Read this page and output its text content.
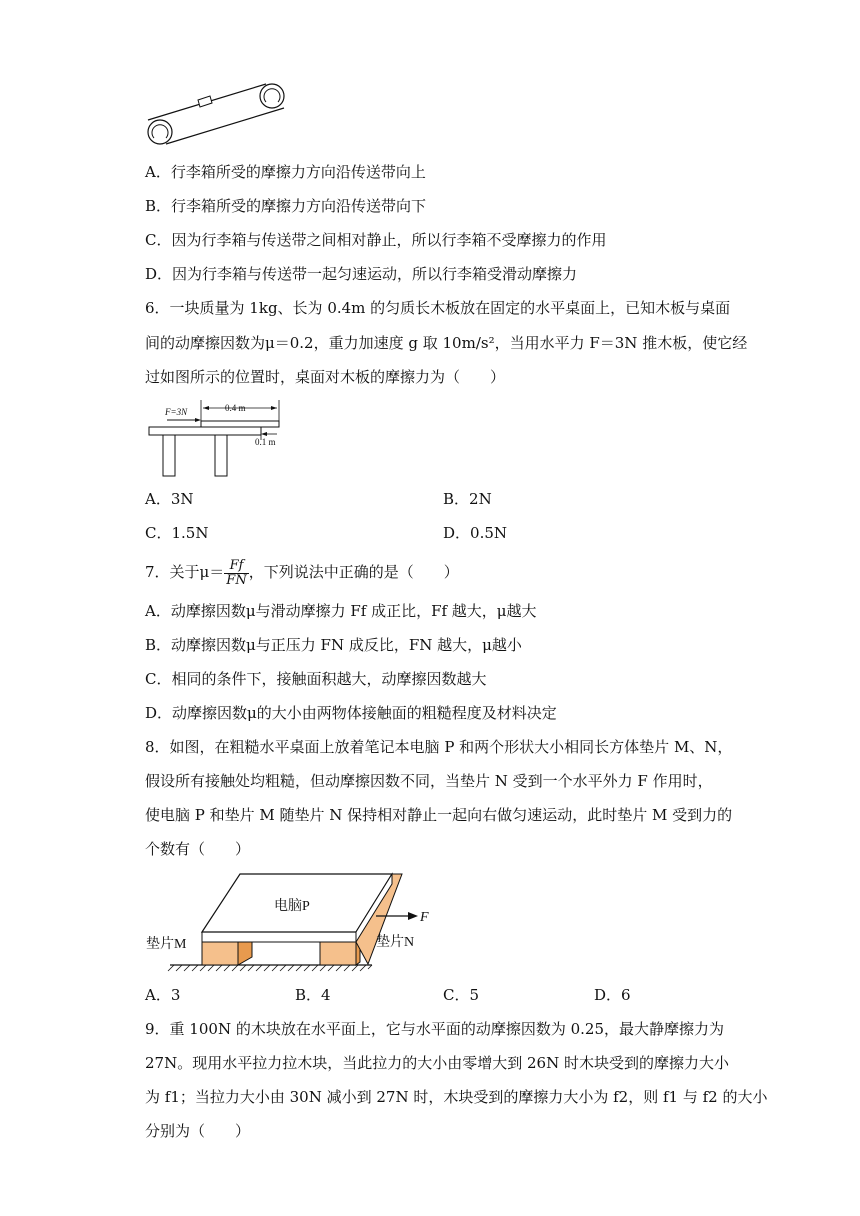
A．行李箱所受的摩擦力方向沿传送带向上
B．行李箱所受的摩擦力方向沿传送带向下
C．因为行李箱与传送带之间相对静止，所以行李箱不受摩擦力的作用
D．因为行李箱与传送带一起匀速运动，所以行李箱受滑动摩擦力
6．一块质量为 1kg、长为 0.4m 的匀质长木板放在固定的水平桌面上，已知木板与桌面
间的动摩擦因数为μ＝0.2，重力加速度 g 取 10m/s²，当用水平力 F＝3N 推木板，使它经
过如图所示的位置时，桌面对木板的摩擦力为（　　）
0.4 m
F=3N
0.1 m
A．3N	B．2N
C．1.5N	D．0.5N
7．关于$\mu= \frac{Ff}{FN}$ ，下列说法中正确的是（　　）
A．动摩擦因数μ与滑动摩擦力 Ff 成正比，Ff 越大，μ越大
B．动摩擦因数μ与正压力 FN 成反比，FN 越大，μ越小
C．相同的条件下，接触面积越大，动摩擦因数越大
D．动摩擦因数μ的大小由两物体接触面的粗糙程度及材料决定
8．如图，在粗糙水平桌面上放着笔记本电脑 P 和两个形状大小相同长方体垫片 M、N，
假设所有接触处均粗糙，但动摩擦因数不同，当垫片 N 受到一个水平外力 F 作用时，
使电脑 P 和垫片 M 随垫片 N 保持相对静止一起向右做匀速运动，此时垫片 M 受到力的
个数有（　　）
电脑P
F
垫片M	垫片N
A．3	B．4	C．5	D．6
9．重 100N 的木块放在水平面上，它与水平面的动摩擦因数为 0.25，最大静摩擦力为
27N。现用水平拉力拉木块，当此拉力的大小由零增大到 26N 时木块受到的摩擦力大小
为 f1；当拉力大小由 30N 减小到 27N 时，木块受到的摩擦力大小为 f2，则 f1 与 f2 的大小
分别为（　　）
